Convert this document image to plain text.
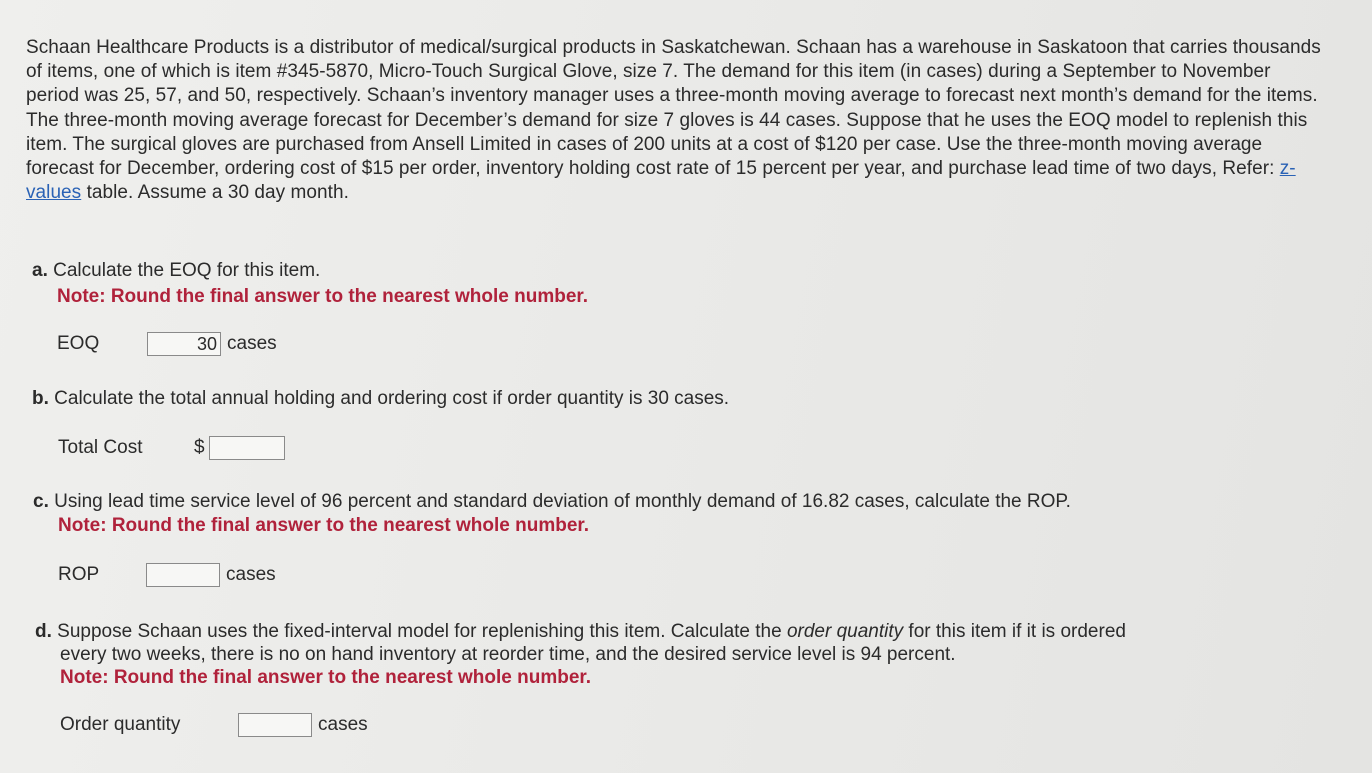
Schaan Healthcare Products is a distributor of medical/surgical products in Saskatchewan. Schaan has a warehouse in Saskatoon that carries thousands of items, one of which is item #345-5870, Micro-Touch Surgical Glove, size 7. The demand for this item (in cases) during a September to November period was 25, 57, and 50, respectively. Schaan’s inventory manager uses a three-month moving average to forecast next month’s demand for the items. The three-month moving average forecast for December’s demand for size 7 gloves is 44 cases. Suppose that he uses the EOQ model to replenish this item. The surgical gloves are purchased from Ansell Limited in cases of 200 units at a cost of $120 per case. Use the three-month moving average forecast for December, ordering cost of $15 per order, inventory holding cost rate of 15 percent per year, and purchase lead time of two days, Refer: z-values table. Assume a 30 day month.
a. Calculate the EOQ for this item.
Note: Round the final answer to the nearest whole number.
EOQ	30 cases
b. Calculate the total annual holding and ordering cost if order quantity is 30 cases.
Total Cost	$
c. Using lead time service level of 96 percent and standard deviation of monthly demand of 16.82 cases, calculate the ROP.
Note: Round the final answer to the nearest whole number.
ROP	cases
d. Suppose Schaan uses the fixed-interval model for replenishing this item. Calculate the order quantity for this item if it is ordered
every two weeks, there is no on hand inventory at reorder time, and the desired service level is 94 percent.
Note: Round the final answer to the nearest whole number.
Order quantity	cases
